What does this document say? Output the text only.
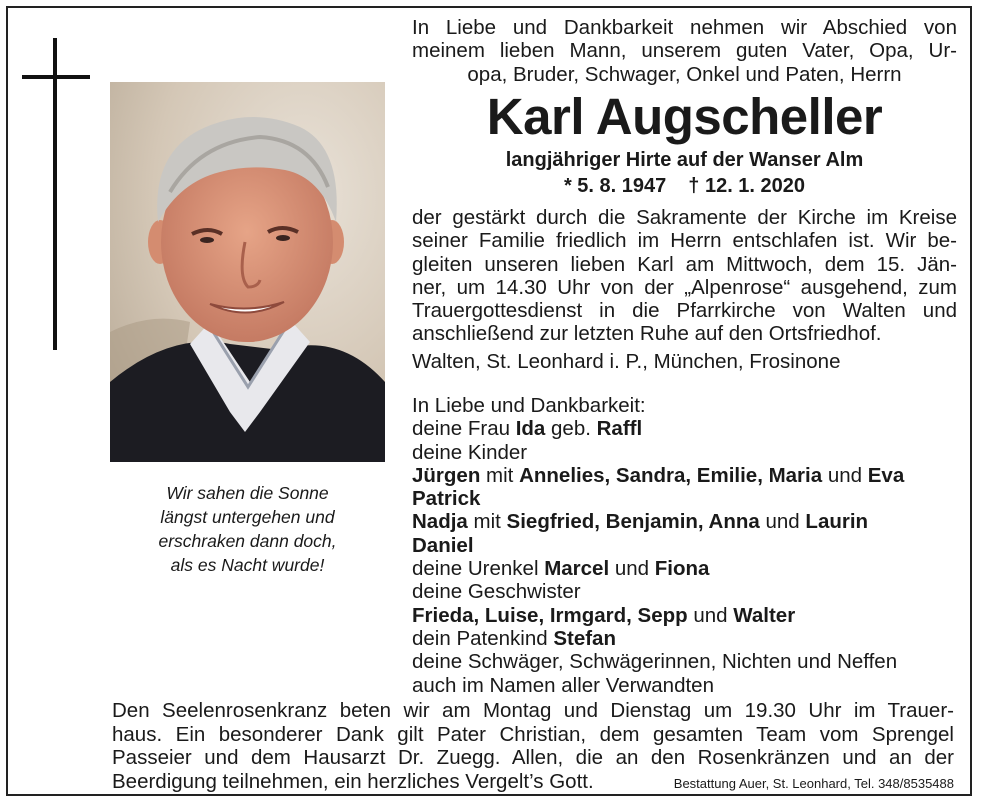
Wir sahen die Sonne
längst untergehen und
erschraken dann doch,
als es Nacht wurde!
In Liebe und Dankbarkeit nehmen wir Abschied von
meinem lieben Mann, unserem guten Vater, Opa, Ur-
opa, Bruder, Schwager, Onkel und Paten, Herrn
Karl Augscheller
langjähriger Hirte auf der Wanser Alm
* 5. 8. 1947 † 12. 1. 2020
der gestärkt durch die Sakramente der Kirche im Kreise
seiner Familie friedlich im Herrn entschlafen ist. Wir be-
gleiten unseren lieben Karl am Mittwoch, dem 15. Jän-
ner, um 14.30 Uhr von der „Alpenrose“ ausgehend, zum
Trauergottesdienst in die Pfarrkirche von Walten und
anschließend zur letzten Ruhe auf den Ortsfriedhof.
Walten, St. Leonhard i. P., München, Frosinone
In Liebe und Dankbarkeit:
deine Frau Ida geb. Raffl
deine Kinder
Jürgen mit Annelies, Sandra, Emilie, Maria und Eva
Patrick
Nadja mit Siegfried, Benjamin, Anna und Laurin
Daniel
deine Urenkel Marcel und Fiona
deine Geschwister
Frieda, Luise, Irmgard, Sepp und Walter
dein Patenkind Stefan
deine Schwäger, Schwägerinnen, Nichten und Neffen
auch im Namen aller Verwandten
Den Seelenrosenkranz beten wir am Montag und Dienstag um 19.30 Uhr im Trauer-
haus. Ein besonderer Dank gilt Pater Christian, dem gesamten Team vom Sprengel
Passeier und dem Hausarzt Dr. Zuegg. Allen, die an den Rosenkränzen und an der
Beerdigung teilnehmen, ein herzliches Vergelt’s Gott.	Bestattung Auer, St. Leonhard, Tel. 348/8535488
